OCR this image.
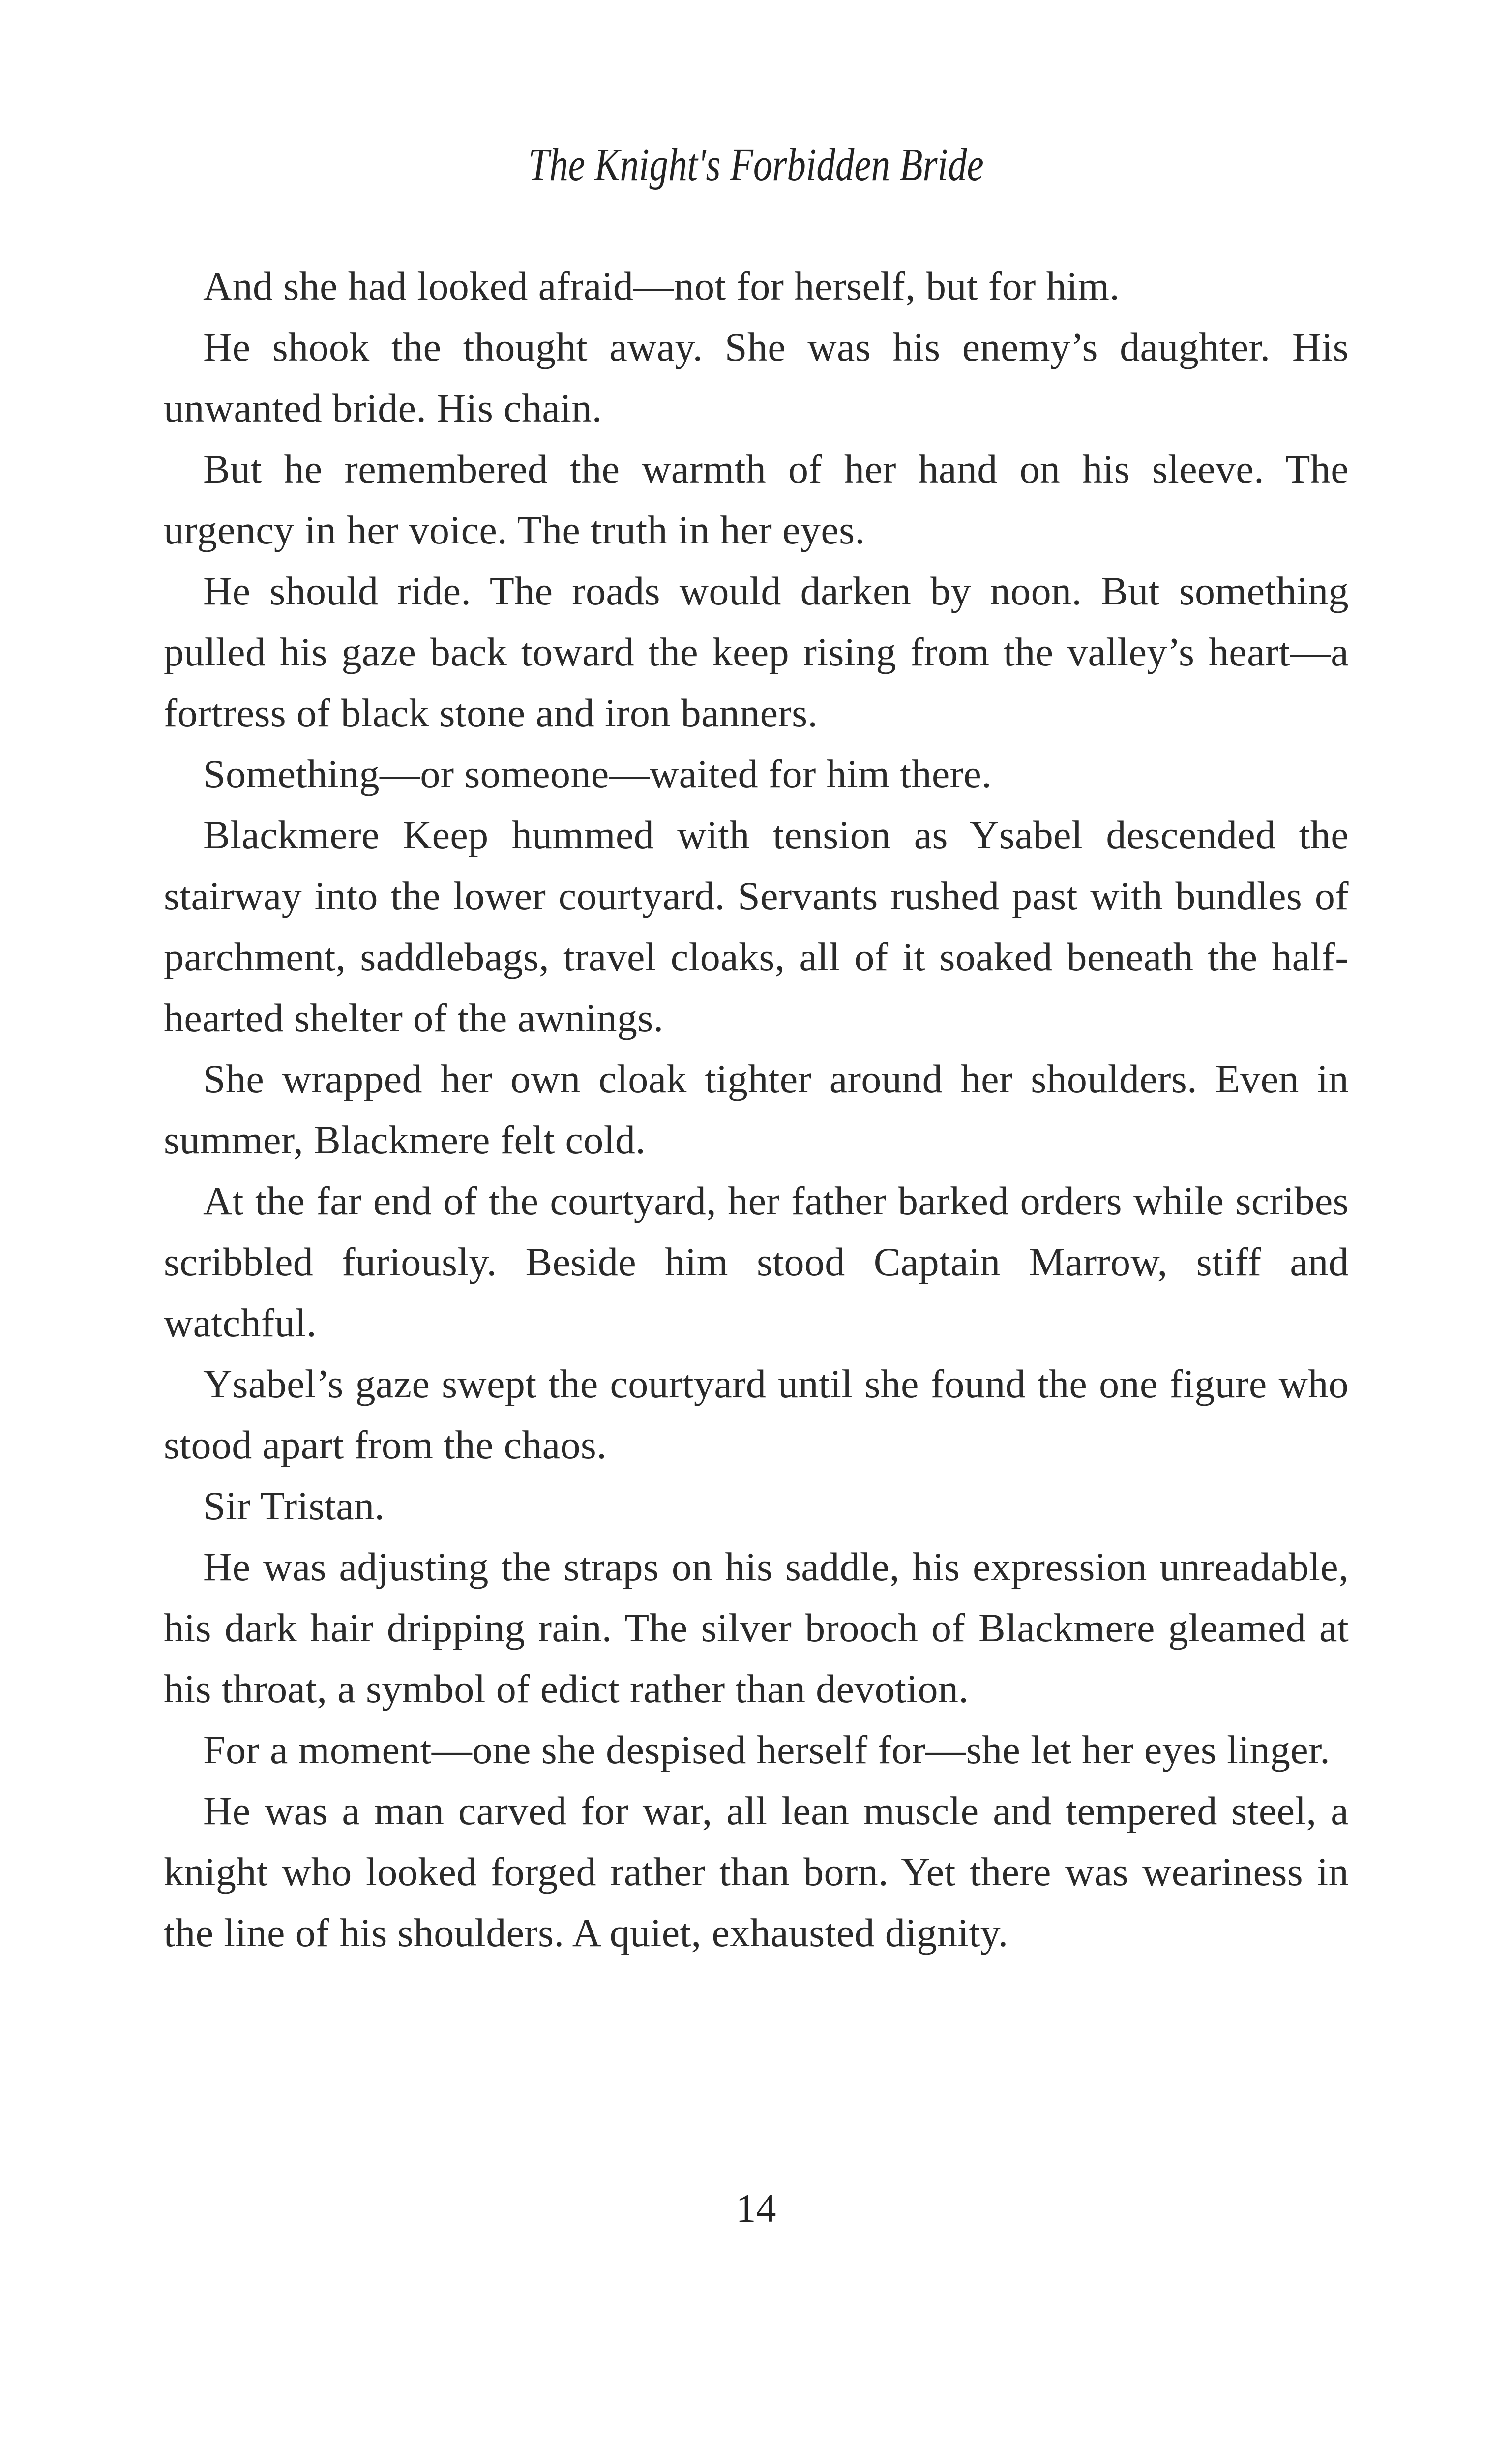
The Knight's Forbidden Bride

And she had looked afraid—not for herself, but for him.

He shook the thought away. She was his enemy’s daughter. His unwanted bride. His chain.

But he remembered the warmth of her hand on his sleeve. The urgency in her voice. The truth in her eyes.

He should ride. The roads would darken by noon. But something pulled his gaze back toward the keep rising from the valley’s heart—a fortress of black stone and iron banners.

Something—or someone—waited for him there.

Blackmere Keep hummed with tension as Ysabel descended the stairway into the lower courtyard. Servants rushed past with bundles of parchment, saddlebags, travel cloaks, all of it soaked beneath the half-hearted shelter of the awnings.

She wrapped her own cloak tighter around her shoulders. Even in summer, Blackmere felt cold.

At the far end of the courtyard, her father barked orders while scribes scribbled furiously. Beside him stood Captain Marrow, stiff and watchful.

Ysabel’s gaze swept the courtyard until she found the one figure who stood apart from the chaos.

Sir Tristan.

He was adjusting the straps on his saddle, his expression unreadable, his dark hair dripping rain. The silver brooch of Blackmere gleamed at his throat, a symbol of edict rather than devotion.

For a moment—one she despised herself for—she let her eyes linger.

He was a man carved for war, all lean muscle and tempered steel, a knight who looked forged rather than born. Yet there was weariness in the line of his shoulders. A quiet, exhausted dignity.

14
